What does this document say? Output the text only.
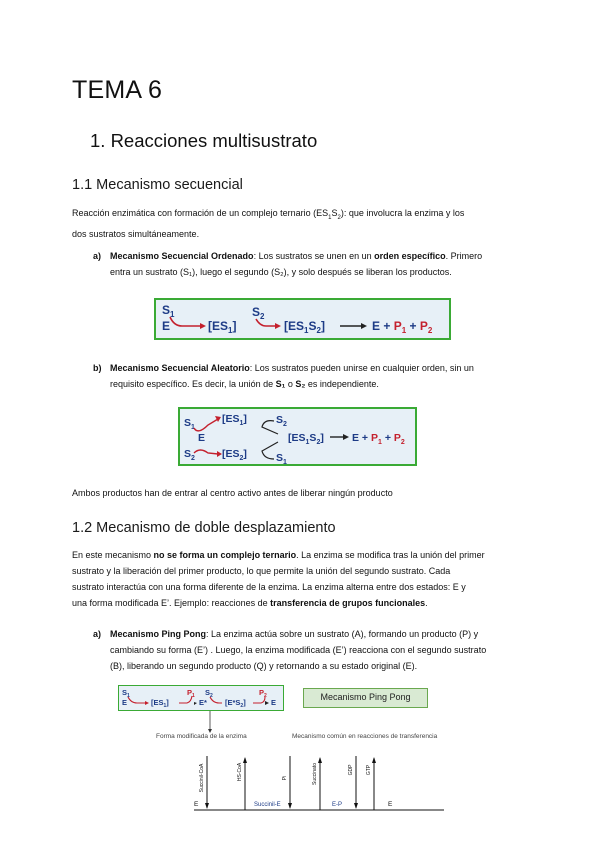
TEMA 6
1. Reacciones multisustrato
1.1 Mecanismo secuencial

Reacción enzimática con formación de un complejo ternario $(ES_1S_2)$: que involucra la enzima y los
dos sustratos simultáneamente.

a) Mecanismo Secuencial Ordenado: Los sustratos se unen en un orden específico. Primero
entra un sustrato (S₁), luego el segundo (S₂), y solo después se liberan los productos.
$S_1$
E	$[ES_1]$
$S_2$
$[ES_1S_2]$	$E + P_1 + P_2$
b) Mecanismo Secuencial Aleatorio: Los sustratos pueden unirse en cualquier orden, sin un
requisito específico. Es decir, la unión de S₁ o S₂ es independiente.
$S_1$
E
$S_2$
$[ES_1]$
$[ES_2]$
$S_2$
$S_1$
$[ES_1S_2]$	$E + P_1 + P_2$

Ambos productos han de entrar al centro activo antes de liberar ningún producto

1.2 Mecanismo de doble desplazamiento

En este mecanismo no se forma un complejo ternario. La enzima se modifica tras la unión del primer
sustrato y la liberación del primer producto, lo que permite la unión del segundo sustrato. Cada
sustrato interactúa con una forma diferente de la enzima. La enzima alterna entre dos estados: E y
una forma modificada E’. Ejemplo: reacciones de transferencia de grupos funcionales.

a) Mecanismo Ping Pong: La enzima actúa sobre un sustrato (A), formando un producto (P) y
cambiando su forma (E’) . Luego, la enzima modificada (E’) reacciona con el segundo sustrato
(B), liberando un segundo producto (Q) y retornando a su estado original (E).
$S_1$
E	$[ES_1]$
$P_1$ $S_2$
E* $[E*S_2]$
$P_2$
E
Mecanismo Ping Pong
Forma modificada de la enzima	Mecanismo común en reacciones de transferencia
E
Succinil-CoA	HS-CoA	Pi
Succinil-E
Succinato
E-P
GDP GTP
E
